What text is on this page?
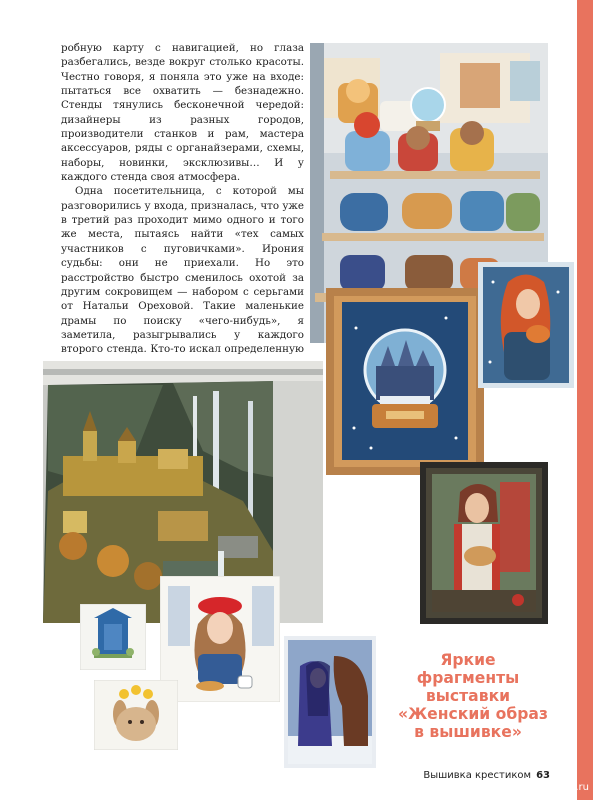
робную карту с навигацией, но глаза разбегались, везде вокруг столько красоты. Честно говоря, я поняла это уже на входе: пытаться все охватить — безнадежно. Стенды тянулись бесконечной чередой: дизайнеры из разных городов, производители станков и рам, мастера аксессуаров, ряды с органайзерами, схемы, наборы, новинки, эксклюзивы… И у каждого стенда своя атмосфера.

Одна посетительница, с которой мы разговорились у входа, призналась, что уже в третий раз проходит мимо одного и того же места, пытаясь найти «тех самых участников с пуговичками». Ирония судьбы: они не приехали. Но это расстройство быстро сменилось охотой за другим сокровищем — набором с серьгами от Натальи Ореховой. Такие маленькие драмы по поиску «чего-нибудь», я заметила, разыгрывались у каждого второго стенда. Кто-то искал определенную

Яркие
фрагменты
выставки
«Женский образ
в вышивке»
Вышивка крестиком 63
PassionForum.ru
